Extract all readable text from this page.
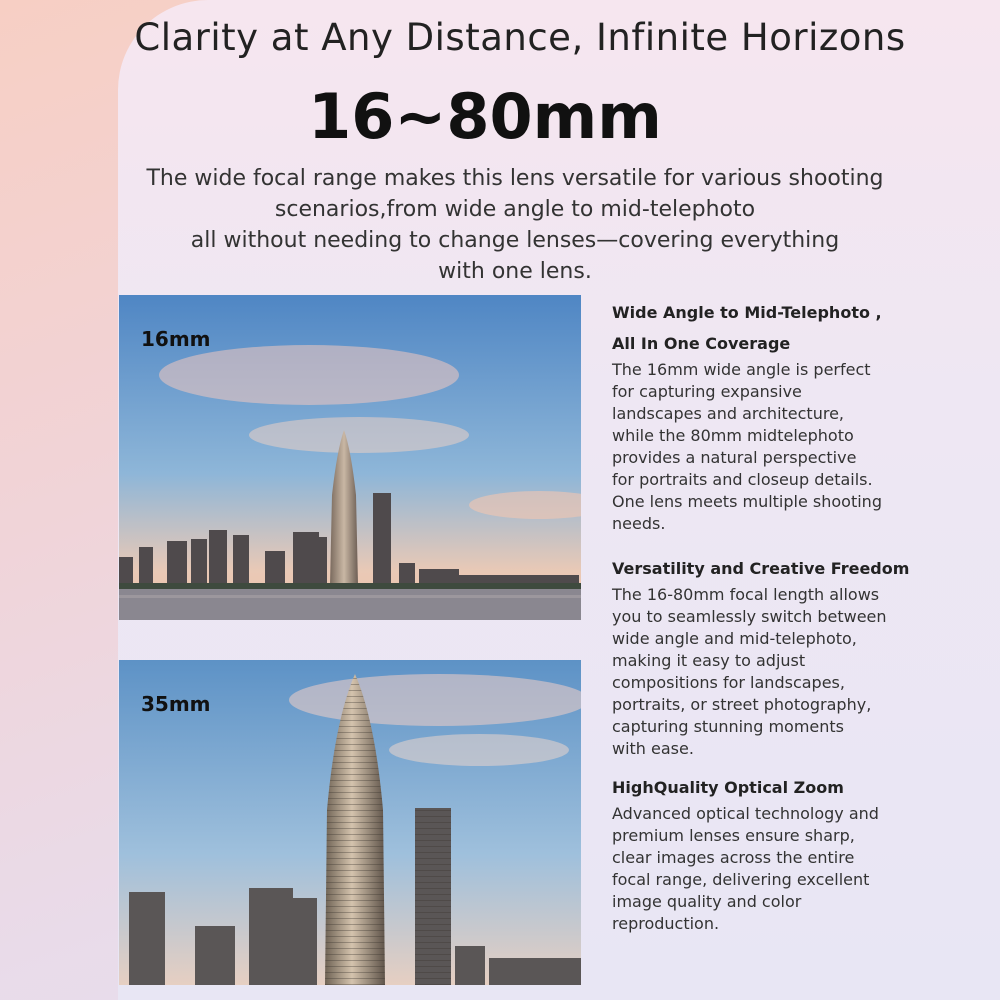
Clarity at Any Distance, Infinite Horizons
16~80mm

The wide focal range makes this lens versatile for various shooting
scenarios,from wide angle to mid-telephoto
all without needing to change lenses—covering everything
with one lens.

16mm
35mm
Wide Angle to Mid-Telephoto ,
All In One Coverage

The 16mm wide angle is perfect
for capturing expansive
landscapes and architecture,
while the 80mm midtelephoto
provides a natural perspective
for portraits and closeup details.
One lens meets multiple shooting
needs.

Versatility and Creative Freedom

The 16-80mm focal length allows
you to seamlessly switch between
wide angle and mid-telephoto,
making it easy to adjust
compositions for landscapes,
portraits, or street photography,
capturing stunning moments
with ease.

HighQuality Optical Zoom

Advanced optical technology and
premium lenses ensure sharp,
clear images across the entire
focal range, delivering excellent
image quality and color
reproduction.
